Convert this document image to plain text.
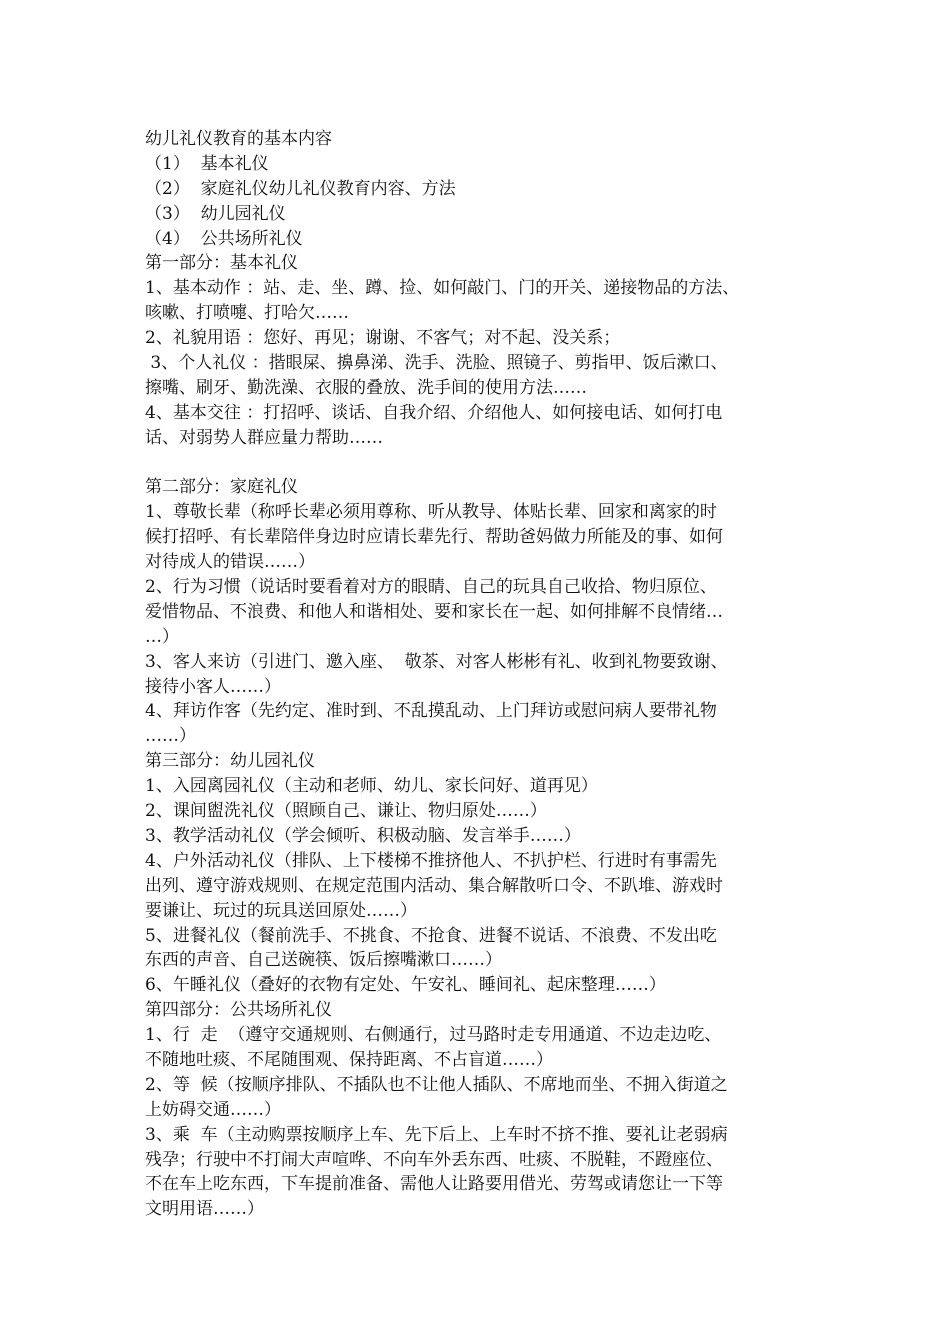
幼儿礼仪教育的基本内容
（1）  基本礼仪
（2）  家庭礼仪幼儿礼仪教育内容、方法
（3）  幼儿园礼仪
（4）  公共场所礼仪
第一部分：基本礼仪
1、基本动作 ：站、走、坐、蹲、捡、如何敲门、门的开关、递接物品的方法、
咳嗽、打喷嚏、打哈欠……
2、礼貌用语 ：您好、再见；谢谢、不客气；对不起、没关系；
3、个人礼仪 ：揩眼屎、擤鼻涕、洗手、洗脸、照镜子、剪指甲、饭后漱口、
擦嘴、刷牙、勤洗澡、衣服的叠放、洗手间的使用方法……
4、基本交往 ：打招呼、谈话、自我介绍、介绍他人、如何接电话、如何打电
话、对弱势人群应量力帮助……
第二部分：家庭礼仪
1、尊敬长辈（称呼长辈必须用尊称、听从教导、体贴长辈、回家和离家的时
候打招呼、有长辈陪伴身边时应请长辈先行、帮助爸妈做力所能及的事、如何
对待成人的错误……）
2、行为习惯（说话时要看着对方的眼睛、自己的玩具自己收拾、物归原位、
爱惜物品、不浪费、和他人和谐相处、要和家长在一起、如何排解不良情绪…
…）
3、客人来访（引进门、邀入座、  敬茶、对客人彬彬有礼、收到礼物要致谢、
接待小客人……）
4、拜访作客（先约定、准时到、不乱摸乱动、上门拜访或慰问病人要带礼物
……）
第三部分：幼儿园礼仪
1、入园离园礼仪（主动和老师、幼儿、家长问好、道再见）
2、课间盥洗礼仪（照顾自己、谦让、物归原处……）
3、教学活动礼仪（学会倾听、积极动脑、发言举手……）
4、户外活动礼仪（排队、上下楼梯不推挤他人、不扒护栏、行进时有事需先
出列、遵守游戏规则、在规定范围内活动、集合解散听口令、不趴堆、游戏时
要谦让、玩过的玩具送回原处……）
5、进餐礼仪（餐前洗手、不挑食、不抢食、进餐不说话、不浪费、不发出吃
东西的声音、自己送碗筷、饭后擦嘴漱口……）
6、午睡礼仪（叠好的衣物有定处、午安礼、睡间礼、起床整理……）
第四部分：公共场所礼仪
1、行  走  （遵守交通规则、右侧通行，过马路时走专用通道、不边走边吃、
不随地吐痰、不尾随围观、保持距离、不占盲道……）
2、等  候（按顺序排队、不插队也不让他人插队、不席地而坐、不拥入街道之
上妨碍交通……）
3、乘  车（主动购票按顺序上车、先下后上、上车时不挤不推、要礼让老弱病
残孕；行驶中不打闹大声喧哗、不向车外丢东西、吐痰、不脱鞋，不蹬座位、
不在车上吃东西，下车提前准备、需他人让路要用借光、劳驾或请您让一下等
文明用语……）
